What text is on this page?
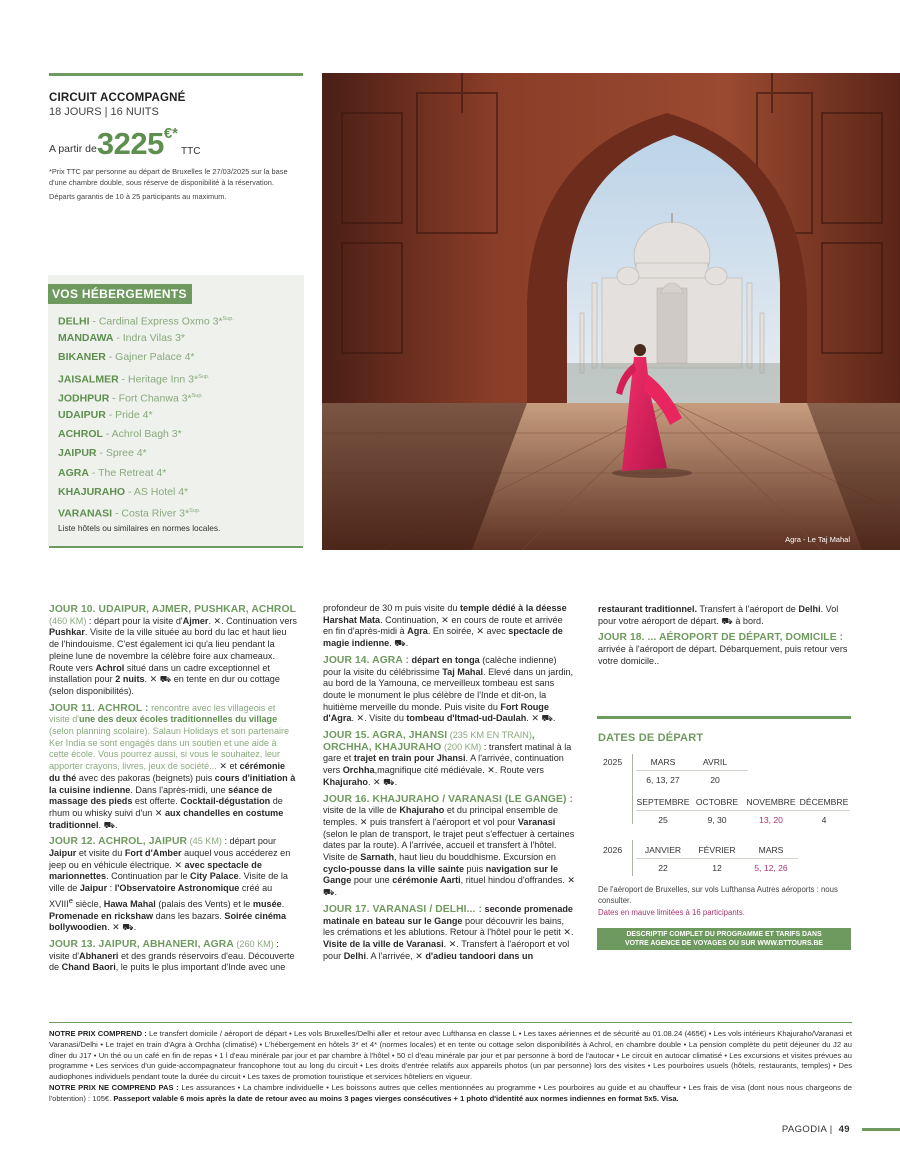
CIRCUIT ACCOMPAGNÉ
18 JOURS | 16 NUITS
A partir de 3225 €*
TTC
*Prix TTC par personne au départ de Bruxelles le 27/03/2025 sur la base d'une chambre double, sous réserve de disponibilité à la réservation.
Départs garantis de 10 à 25 participants au maximum.
VOS HÉBERGEMENTS
DELHI - Cardinal Express Oxmo 3*$^{Sup.}$
MANDAWA - Indra Vilas 3*
BIKANER - Gajner Palace 4*
JAISALMER - Heritage Inn 3*$^{Sup.}$
JODHPUR - Fort Chanwa 3*$^{Sup.}$
UDAIPUR - Pride 4*
ACHROL - Achrol Bagh 3*
JAIPUR - Spree 4*
AGRA - The Retreat 4*
KHAJURAHO - AS Hotel 4*
VARANASI - Costa River 3*$^{Sup.}$
Liste hôtels ou similaires en normes locales.
Agra - Le Taj Mahal

JOUR 10. UDAIPUR, AJMER, PUSHKAR, ACHROL
(460 KM) : départ pour la visite d'Ajmer. ✕. Continuation vers Pushkar. Visite de la ville située au bord du lac et haut lieu de l'hindouisme. C'est également ici qu'a lieu pendant la pleine lune de novembre la célèbre foire aux chameaux. Route vers Achrol situé dans un cadre exceptionnel et installation pour 2 nuits. ✕ ⛟ en tente en dur ou cottage (selon disponibilités).

JOUR 11. ACHROL : rencontre avec les villageois et visite d'une des deux écoles traditionnelles du village (selon planning scolaire). Salaun Holidays et son partenaire Ker India se sont engagés dans un soutien et une aide à cette école. Vous pourrez aussi, si vous le souhaitez, leur apporter crayons, livres, jeux de société... ✕ et cérémonie du thé avec des pakoras (beignets) puis cours d'initiation à la cuisine indienne. Dans l'après-midi, une séance de massage des pieds est offerte. Cocktail-dégustation de rhum ou whisky suivi d'un ✕ aux chandelles en costume traditionnel. ⛟.

JOUR 12. ACHROL, JAIPUR (45 KM) : départ pour Jaipur et visite du Fort d'Amber auquel vous accéderez en jeep ou en véhicule électrique. ✕ avec spectacle de marionnettes. Continuation par le City Palace. Visite de la ville de Jaipur : l'Observatoire Astronomique créé au XVIIIe siècle, Hawa Mahal (palais des Vents) et le musée. Promenade en rickshaw dans les bazars. Soirée cinéma bollywoodien. ✕ ⛟.

JOUR 13. JAIPUR, ABHANERI, AGRA (260 KM) : visite d'Abhaneri et des grands réservoirs d'eau. Découverte de Chand Baori, le puits le plus important d'Inde avec une

profondeur de 30 m puis visite du temple dédié à la déesse Harshat Mata. Continuation, ✕ en cours de route et arrivée en fin d'après-midi à Agra. En soirée, ✕ avec spectacle de magie indienne. ⛟.

JOUR 14. AGRA : départ en tonga (calèche indienne) pour la visite du célébrissime Taj Mahal. Elevé dans un jardin, au bord de la Yamouna, ce merveilleux tombeau est sans doute le monument le plus célèbre de l'Inde et dit-on, la huitième merveille du monde. Puis visite du Fort Rouge d'Agra. ✕. Visite du tombeau d'Itmad-ud-Daulah. ✕ ⛟.

JOUR 15. AGRA, JHANSI (235 KM EN TRAIN), ORCHHA, KHAJURAHO (200 KM) : transfert matinal à la gare et trajet en train pour Jhansi. A l'arrivée, continuation vers Orchha,magnifique cité médiévale. ✕. Route vers Khajuraho. ✕ ⛟.

JOUR 16. KHAJURAHO / VARANASI (LE GANGE) :
visite de la ville de Khajuraho et du principal ensemble de temples. ✕ puis transfert à l'aéroport et vol pour Varanasi (selon le plan de transport, le trajet peut s'effectuer à certaines dates par la route). A l'arrivée, accueil et transfert à l'hôtel. Visite de Sarnath, haut lieu du bouddhisme. Excursion en cyclo-pousse dans la ville sainte puis navigation sur le Gange pour une cérémonie Aarti, rituel hindou d'offrandes. ✕ ⛟.

JOUR 17. VARANASI / DELHI... : seconde promenade matinale en bateau sur le Gange pour découvrir les bains, les crémations et les ablutions. Retour à l'hôtel pour le petit ✕. Visite de la ville de Varanasi. ✕. Transfert à l'aéroport et vol pour Delhi. A l'arrivée, ✕ d'adieu tandoori dans un

restaurant traditionnel. Transfert à l'aéroport de Delhi. Vol pour votre aéroport de départ. ⛟ à bord.

JOUR 18. ... AÉROPORT DE DÉPART, DOMICILE : arrivée à l'aéroport de départ. Débarquement, puis retour vers votre domicile..

DATES DE DÉPART
2025	MARS	AVRIL
6, 13, 27	20
SEPTEMBRE OCTOBRE NOVEMBRE DÉCEMBRE
25	9, 30	13, 20	4
2026	JANVIER	FÉVRIER	MARS
22	12	5, 12, 26
De l'aéroport de Bruxelles, sur vols Lufthansa Autres aéroports : nous consulter.
Dates en mauve limitées à 16 participants.
DESCRIPTIF COMPLET DU PROGRAMME ET TARIFS DANS
VOTRE AGENCE DE VOYAGES OU SUR WWW.BTTOURS.BE
NOTRE PRIX COMPREND : Le transfert domicile / aéroport de départ • Les vols Bruxelles/Delhi aller et retour avec Lufthansa en classe L • Les taxes aériennes et de sécurité au 01.08.24 (465€) • Les vols intérieurs Khajuraho/Varanasi et Varanasi/Delhi • Le trajet en train d'Agra à Orchha (climatisé) • L'hébergement en hôtels 3* et 4* (normes locales) et en tente ou cottage selon disponibilités à Achrol, en chambre double • La pension complète du petit déjeuner du J2 au dîner du J17 • Un thé ou un café en fin de repas • 1 l d'eau minérale par jour et par chambre à l'hôtel • 50 cl d'eau minérale par jour et par personne à bord de l'autocar • Le circuit en autocar climatisé • Les excursions et visites prévues au programme • Les services d'un guide-accompagnateur francophone tout au long du circuit • Les droits d'entrée relatifs aux appareils photos (un par personne) lors des visites • Les pourboires usuels (hôtels, restaurants, temples) • Des audiophones individuels pendant toute la durée du circuit • Les taxes de promotion touristique et services hôteliers en vigueur.
NOTRE PRIX NE COMPREND PAS : Les assurances • La chambre individuelle • Les boissons autres que celles mentionnées au programme • Les pourboires au guide et au chauffeur • Les frais de visa (dont nous nous chargeons de l'obtention) : 105€. Passeport valable 6 mois après la date de retour avec au moins 3 pages vierges consécutives + 1 photo d'identité aux normes indiennes en format 5x5. Visa.
PAGODIA | 49
